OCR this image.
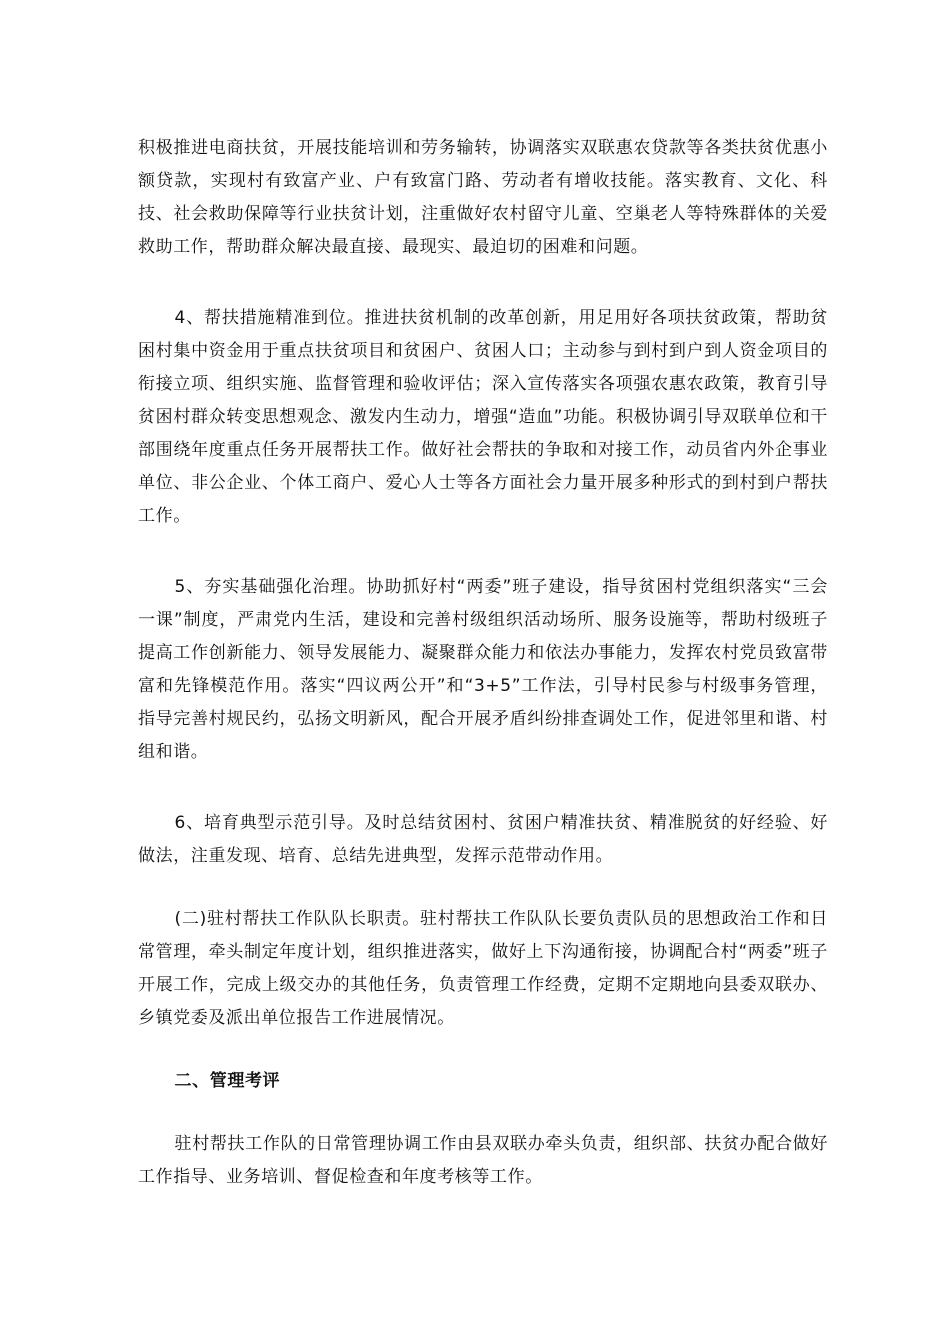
积极推进电商扶贫，开展技能培训和劳务输转，协调落实双联惠农贷款等各类扶贫优惠小额贷款，实现村有致富产业、户有致富门路、劳动者有增收技能。落实教育、文化、科技、社会救助保障等行业扶贫计划，注重做好农村留守儿童、空巢老人等特殊群体的关爱救助工作，帮助群众解决最直接、最现实、最迫切的困难和问题。

4、帮扶措施精准到位。推进扶贫机制的改革创新，用足用好各项扶贫政策，帮助贫困村集中资金用于重点扶贫项目和贫困户、贫困人口；主动参与到村到户到人资金项目的衔接立项、组织实施、监督管理和验收评估；深入宣传落实各项强农惠农政策，教育引导贫困村群众转变思想观念、激发内生动力，增强“造血”功能。积极协调引导双联单位和干部围绕年度重点任务开展帮扶工作。做好社会帮扶的争取和对接工作，动员省内外企事业单位、非公企业、个体工商户、爱心人士等各方面社会力量开展多种形式的到村到户帮扶工作。

5、夯实基础强化治理。协助抓好村“两委”班子建设，指导贫困村党组织落实“三会一课”制度，严肃党内生活，建设和完善村级组织活动场所、服务设施等，帮助村级班子提高工作创新能力、领导发展能力、凝聚群众能力和依法办事能力，发挥农村党员致富带富和先锋模范作用。落实“四议两公开”和“3+5”工作法，引导村民参与村级事务管理，指导完善村规民约，弘扬文明新风，配合开展矛盾纠纷排查调处工作，促进邻里和谐、村组和谐。

6、培育典型示范引导。及时总结贫困村、贫困户精准扶贫、精准脱贫的好经验、好做法，注重发现、培育、总结先进典型，发挥示范带动作用。

(二)驻村帮扶工作队队长职责。驻村帮扶工作队队长要负责队员的思想政治工作和日常管理，牵头制定年度计划，组织推进落实，做好上下沟通衔接，协调配合村“两委”班子开展工作，完成上级交办的其他任务，负责管理工作经费，定期不定期地向县委双联办、乡镇党委及派出单位报告工作进展情况。

二、管理考评

驻村帮扶工作队的日常管理协调工作由县双联办牵头负责，组织部、扶贫办配合做好工作指导、业务培训、督促检查和年度考核等工作。
